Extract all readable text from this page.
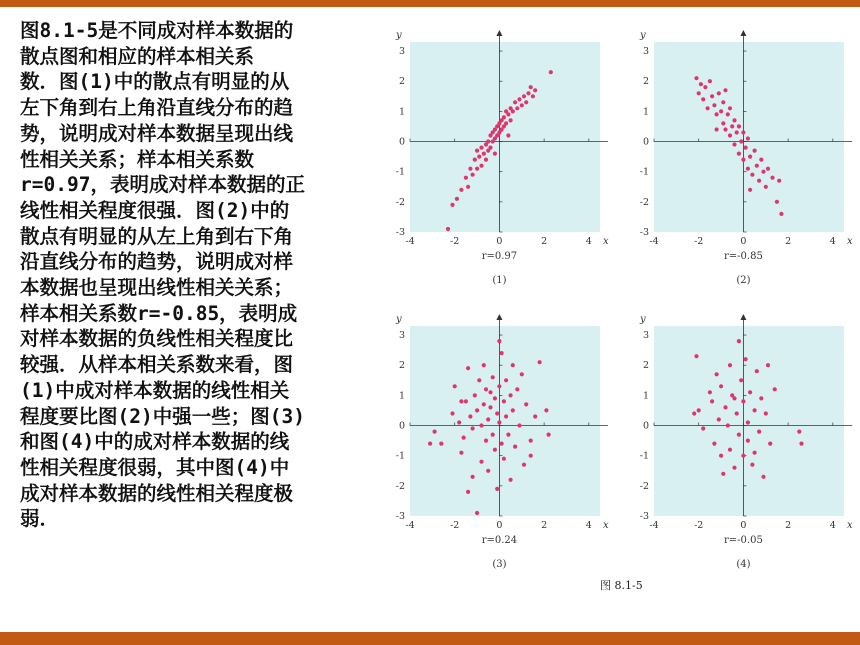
图8.1-5是不同成对样本数据的
散点图和相应的样本相关系
数．图(1)中的散点有明显的从
左下角到右上角沿直线分布的趋
势，说明成对样本数据呈现出线
性相关关系；样本相关系数
r=0.97，表明成对样本数据的正
线性相关程度很强．图(2)中的
散点有明显的从左上角到右下角
沿直线分布的趋势，说明成对样
本数据也呈现出线性相关关系；
样本相关系数r=-0.85，表明成
对样本数据的负线性相关程度比
较强．从样本相关系数来看，图
(1)中成对样本数据的线性相关
程度要比图(2)中强一些；图(3)
和图(4)中的成对样本数据的线
性相关程度很弱，其中图(4)中
成对样本数据的线性相关程度极
弱．
-4	-2	0	2	4
-3
-2
-1
0
1
2
3
x
y
r=0.97
(1)
-4	-2	0	2	4
-3
-2
-1
0
1
2
3
x
y
r=-0.85
(2)
-4	-2	0	2	4
-3
-2
-1
0
1
2
3
x
y
r=0.24
(3)
-4	-2	0	2	4
-3
-2
-1
0
1
2
3
x
y
r=-0.05
(4)
图 8.1-5
